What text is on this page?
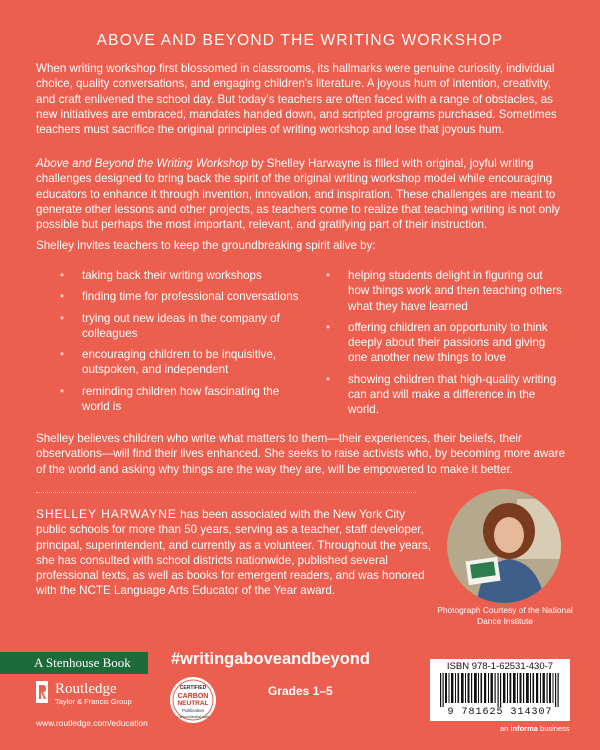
ABOVE AND BEYOND THE WRITING WORKSHOP

When writing workshop first blossomed in classrooms, its hallmarks were genuine curiosity, individual choice, quality conversations, and engaging children's literature. A joyous hum of intention, creativity, and craft enlivened the school day. But today's teachers are often faced with a range of obstacles, as new initiatives are embraced, mandates handed down, and scripted programs purchased. Sometimes teachers must sacrifice the original principles of writing workshop and lose that joyous hum.

Above and Beyond the Writing Workshop by Shelley Harwayne is filled with original, joyful writing challenges designed to bring back the spirit of the original writing workshop model while encouraging educators to enhance it through invention, innovation, and inspiration. These challenges are meant to generate other lessons and other projects, as teachers come to realize that teaching writing is not only possible but perhaps the most important, relevant, and gratifying part of their instruction.

Shelley invites teachers to keep the groundbreaking spirit alive by:

• taking back their writing workshops
• finding time for professional conversations
• trying out new ideas in the company of colleagues
• encouraging children to be inquisitive, outspoken, and independent
• reminding children how fascinating the world is
• helping students delight in figuring out how things work and then teaching others what they have learned
• offering children an opportunity to think deeply about their passions and giving one another new things to love
• showing children that high-quality writing can and will make a difference in the world.

Shelley believes children who write what matters to them—their experiences, their beliefs, their observations—will find their lives enhanced. She seeks to raise activists who, by becoming more aware of the world and asking why things are the way they are, will be empowered to make it better.

SHELLEY HARWAYNE has been associated with the New York City public schools for more than 50 years, serving as a teacher, staff developer, principal, superintendent, and currently as a volunteer. Throughout the years, she has consulted with school districts nationwide, published several professional texts, as well as books for emergent readers, and was honored with the NCTE Language Arts Educator of the Year award.

Photograph Courtesy of the National Dance Institute
A Stenhouse Book
Routledge
Taylor & Francis Group
www.routledge.com/education
#writingaboveandbeyond
CERTIFIED
CARBON
NEUTRAL
Publication
CarbonNeutral.com
Grades 1–5
ISBN 978-1-62531-430-7
9 781625 314307
an informa business
